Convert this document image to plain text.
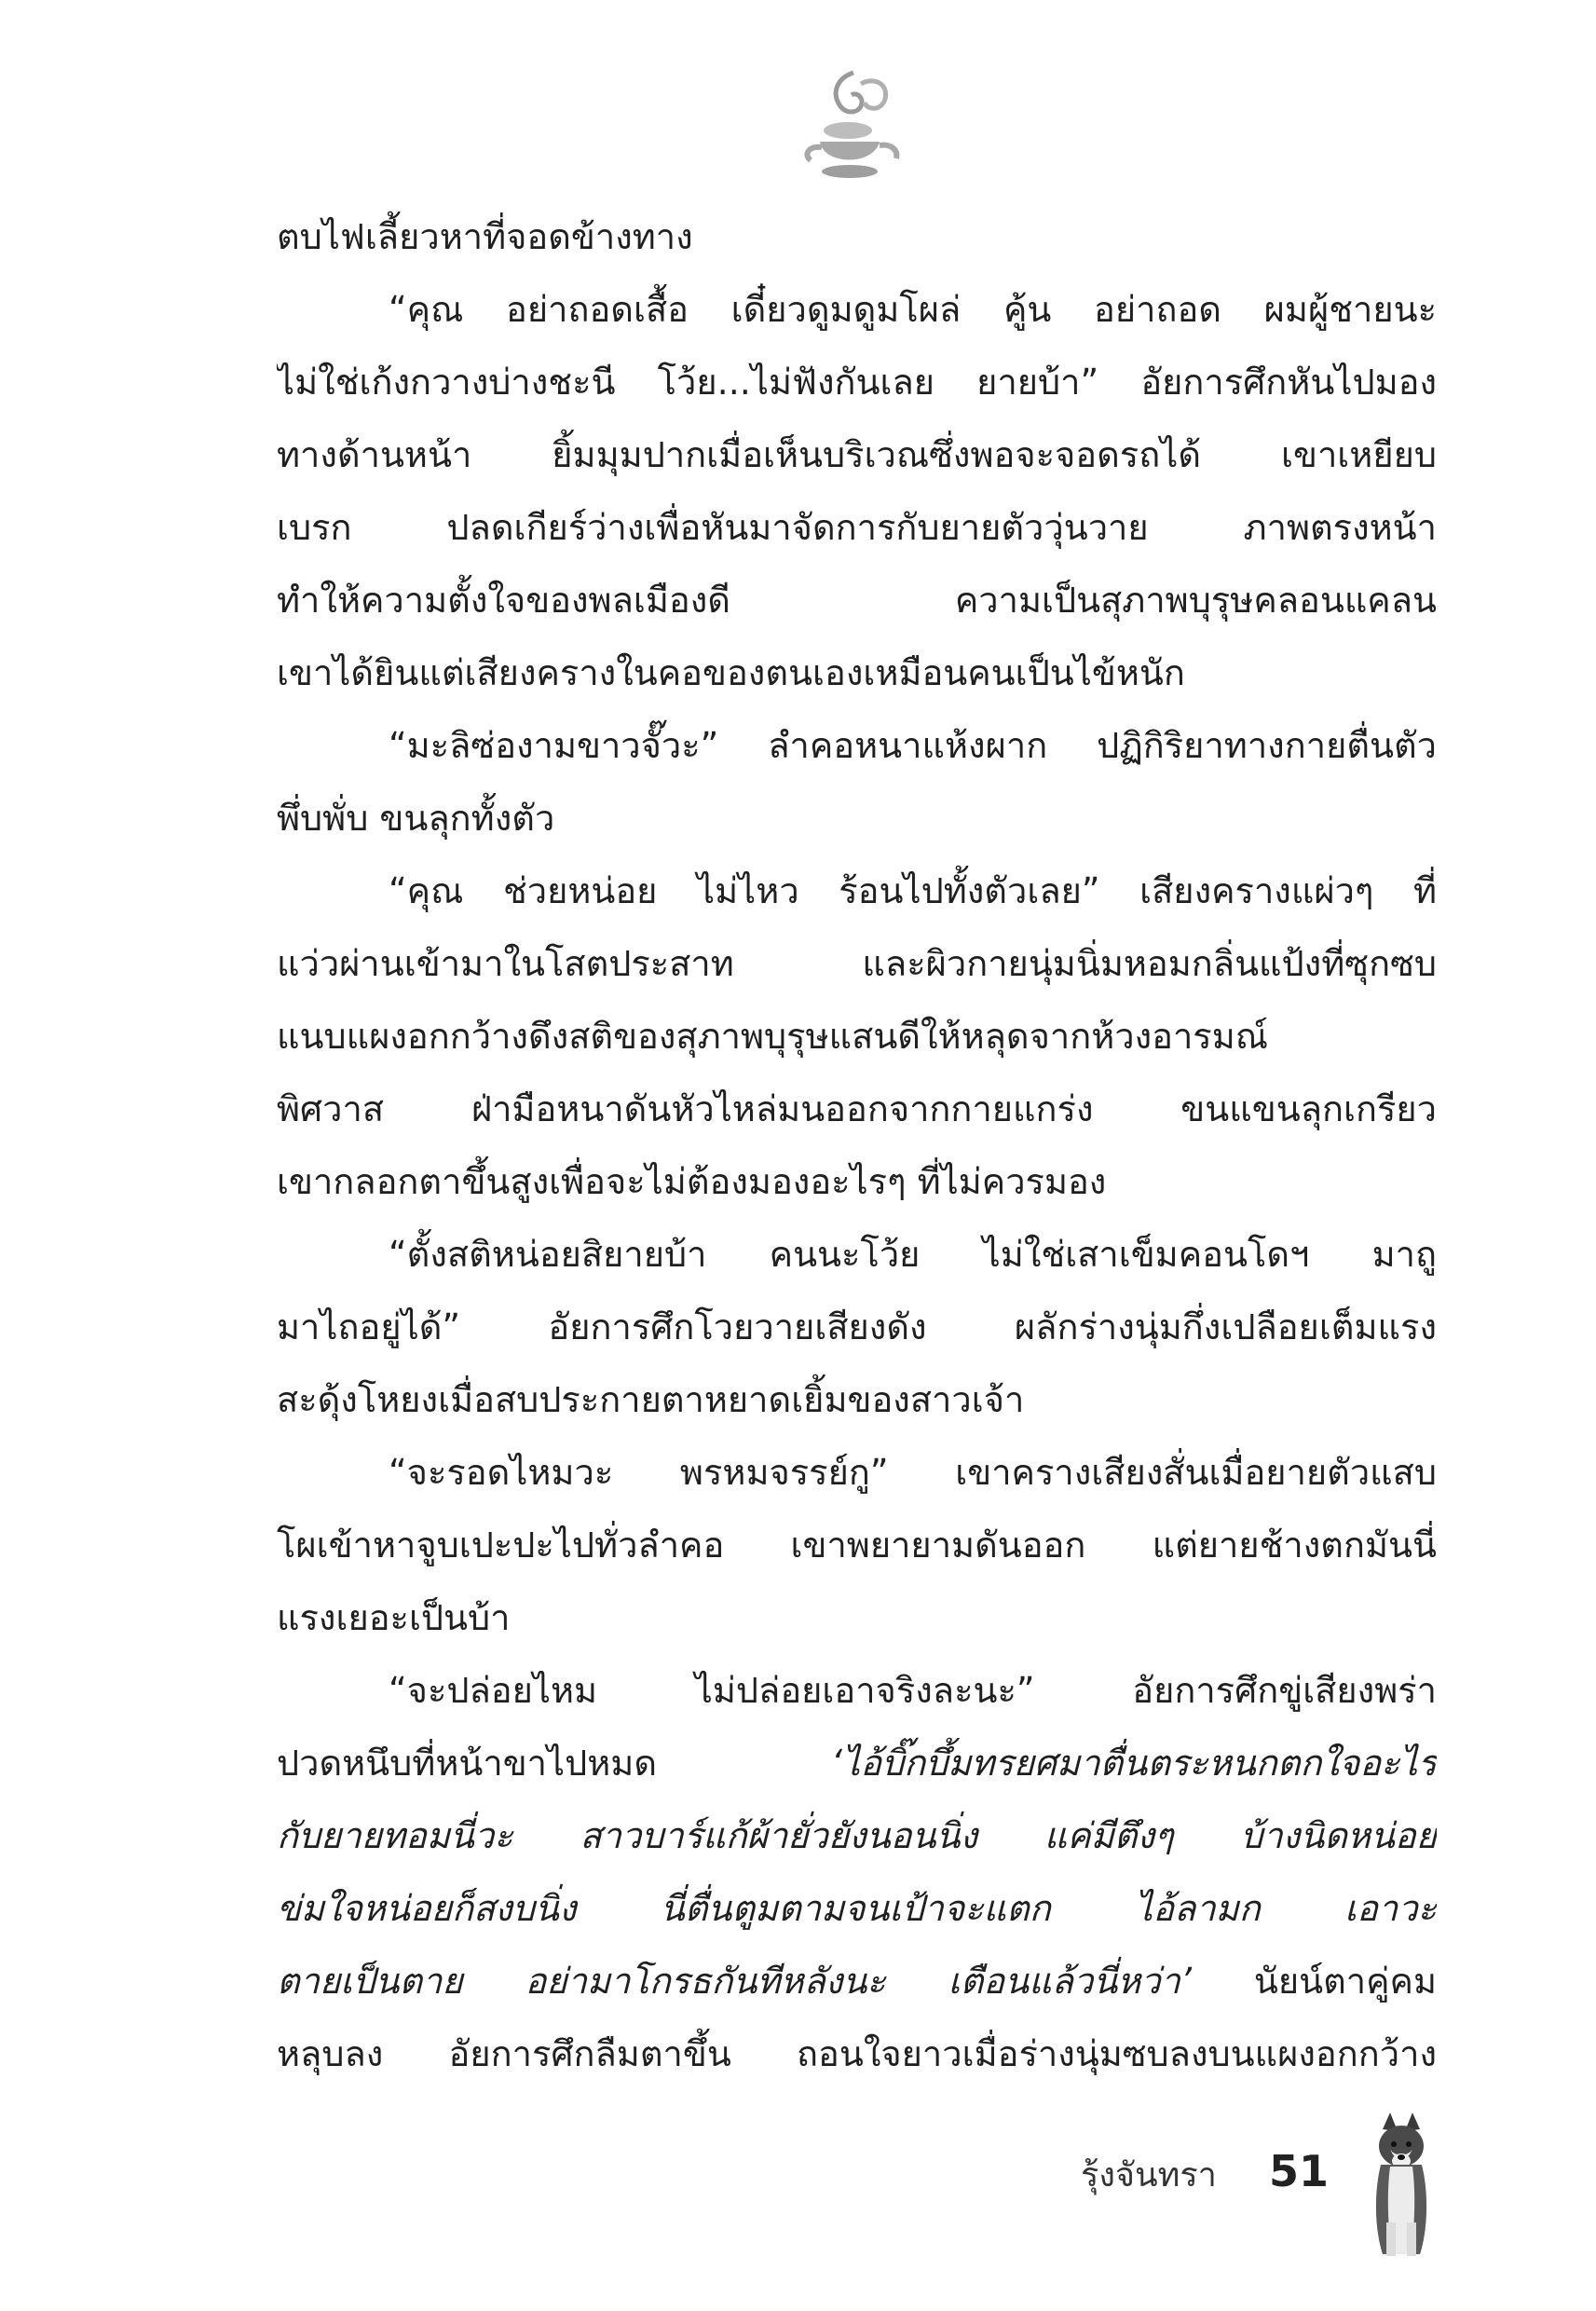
ตบไฟเลี้ยวหาที่จอดข้างทาง
“คุณ อย่าถอดเสื้อ เดี๋ยวดูมดูมโผล่ คู้น อย่าถอด ผมผู้ชายนะ
ไม่ใช่เก้งกวางบ่างชะนี โว้ย...ไม่ฟังกันเลย ยายบ้า” อัยการศึกหันไปมอง
ทางด้านหน้า ยิ้มมุมปากเมื่อเห็นบริเวณซึ่งพอจะจอดรถได้ เขาเหยียบ
เบรก ปลดเกียร์ว่างเพื่อหันมาจัดการกับยายตัววุ่นวาย ภาพตรงหน้า
ทำให้ความตั้งใจของพลเมืองดี ความเป็นสุภาพบุรุษคลอนแคลน
เขาได้ยินแต่เสียงครางในคอของตนเองเหมือนคนเป็นไข้หนัก
“มะลิซ่องามขาวจั๊วะ” ลำคอหนาแห้งผาก ปฏิกิริยาทางกายตื่นตัว
พึ่บพั่บ ขนลุกทั้งตัว
“คุณ ช่วยหน่อย ไม่ไหว ร้อนไปทั้งตัวเลย” เสียงครางแผ่วๆ ที่
แว่วผ่านเข้ามาในโสตประสาท และผิวกายนุ่มนิ่มหอมกลิ่นแป้งที่ซุกซบ
แนบแผงอกกว้างดึงสติของสุภาพบุรุษแสนดีให้หลุดจากห้วงอารมณ์
พิศวาส ฝ่ามือหนาดันหัวไหล่มนออกจากกายแกร่ง ขนแขนลุกเกรียว
เขากลอกตาขึ้นสูงเพื่อจะไม่ต้องมองอะไรๆ ที่ไม่ควรมอง
“ตั้งสติหน่อยสิยายบ้า คนนะโว้ย ไม่ใช่เสาเข็มคอนโดฯ มาถู
มาไถอยู่ได้” อัยการศึกโวยวายเสียงดัง ผลักร่างนุ่มกึ่งเปลือยเต็มแรง
สะดุ้งโหยงเมื่อสบประกายตาหยาดเยิ้มของสาวเจ้า
“จะรอดไหมวะ พรหมจรรย์กู” เขาครางเสียงสั่นเมื่อยายตัวแสบ
โผเข้าหาจูบเปะปะไปทั่วลำคอ เขาพยายามดันออก แต่ยายช้างตกมันนี่
แรงเยอะเป็นบ้า
“จะปล่อยไหม ไม่ปล่อยเอาจริงละนะ” อัยการศึกขู่เสียงพร่า
ปวดหนึบที่หน้าขาไปหมด ‘ไอ้บิ๊กบึ้มทรยศมาตื่นตระหนกตกใจอะไร
กับยายทอมนี่วะ สาวบาร์แก้ผ้ายั่วยังนอนนิ่ง แค่มีตึงๆ บ้างนิดหน่อย
ข่มใจหน่อยก็สงบนิ่ง นี่ตื่นตูมตามจนเป้าจะแตก ไอ้ลามก เอาวะ
ตายเป็นตาย อย่ามาโกรธกันทีหลังนะ เตือนแล้วนี่หว่า’ นัยน์ตาคู่คม
หลุบลง อัยการศึกลืมตาขึ้น ถอนใจยาวเมื่อร่างนุ่มซบลงบนแผงอกกว้าง
รุ้งจันทรา 51
